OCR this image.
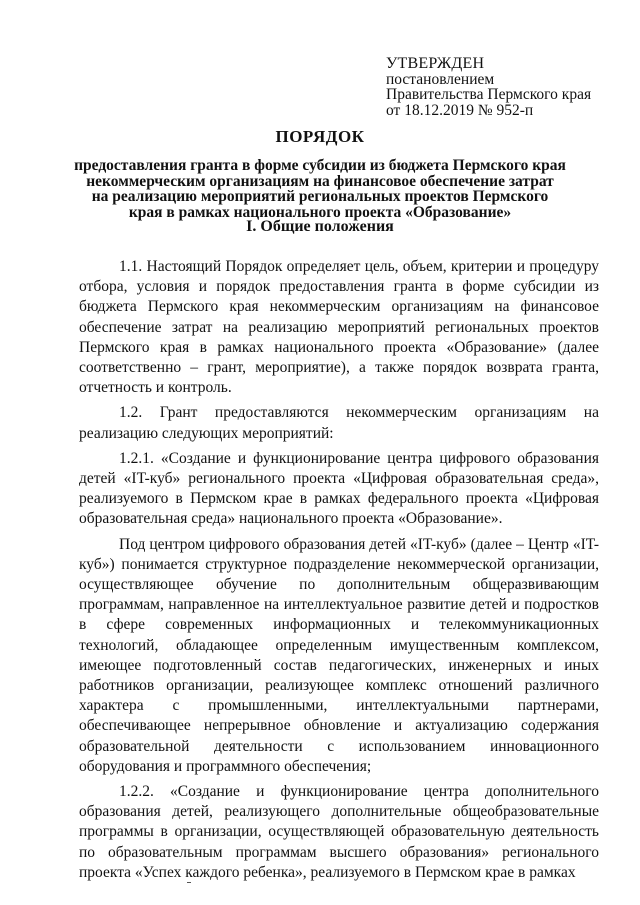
УТВЕРЖДЕН
постановлением
Правительства Пермского края
от 18.12.2019 № 952-п
ПОРЯДОК
предоставления гранта в форме субсидии из бюджета Пермского края
некоммерческим организациям на финансовое обеспечение затрат
на реализацию мероприятий региональных проектов Пермского
края в рамках национального проекта «Образование»
I. Общие положения

1.1. Настоящий Порядок определяет цель, объем, критерии и процедуру отбора, условия и порядок предоставления гранта в форме субсидии из бюджета Пермского края некоммерческим организациям на финансовое обеспечение затрат на реализацию мероприятий региональных проектов Пермского края в рамках национального проекта «Образование» (далее соответственно – грант, мероприятие), а также порядок возврата гранта, отчетность и контроль.

1.2. Грант предоставляются некоммерческим организациям на реализацию следующих мероприятий:

1.2.1. «Создание и функционирование центра цифрового образования детей «IT-куб» регионального проекта «Цифровая образовательная среда», реализуемого в Пермском крае в рамках федерального проекта «Цифровая образовательная среда» национального проекта «Образование».

Под центром цифрового образования детей «IT-куб» (далее – Центр «IT-куб») понимается структурное подразделение некоммерческой организации, осуществляющее обучение по дополнительным общеразвивающим программам, направленное на интеллектуальное развитие детей и подростков в сфере современных информационных и телекоммуникационных технологий, обладающее определенным имущественным комплексом, имеющее подготовленный состав педагогических, инженерных и иных работников организации, реализующее комплекс отношений различного характера с промышленными, интеллектуальными партнерами, обеспечивающее непрерывное обновление и актуализацию содержания образовательной деятельности с использованием инновационного оборудования и программного обеспечения;

1.2.2. «Создание и функционирование центра дополнительного образования детей, реализующего дополнительные общеобразовательные программы в организации, осуществляющей образовательную деятельность по образовательным программам высшего образования» регионального проекта «Успех каждого ребенка», реализуемого в Пермском крае в рамках
